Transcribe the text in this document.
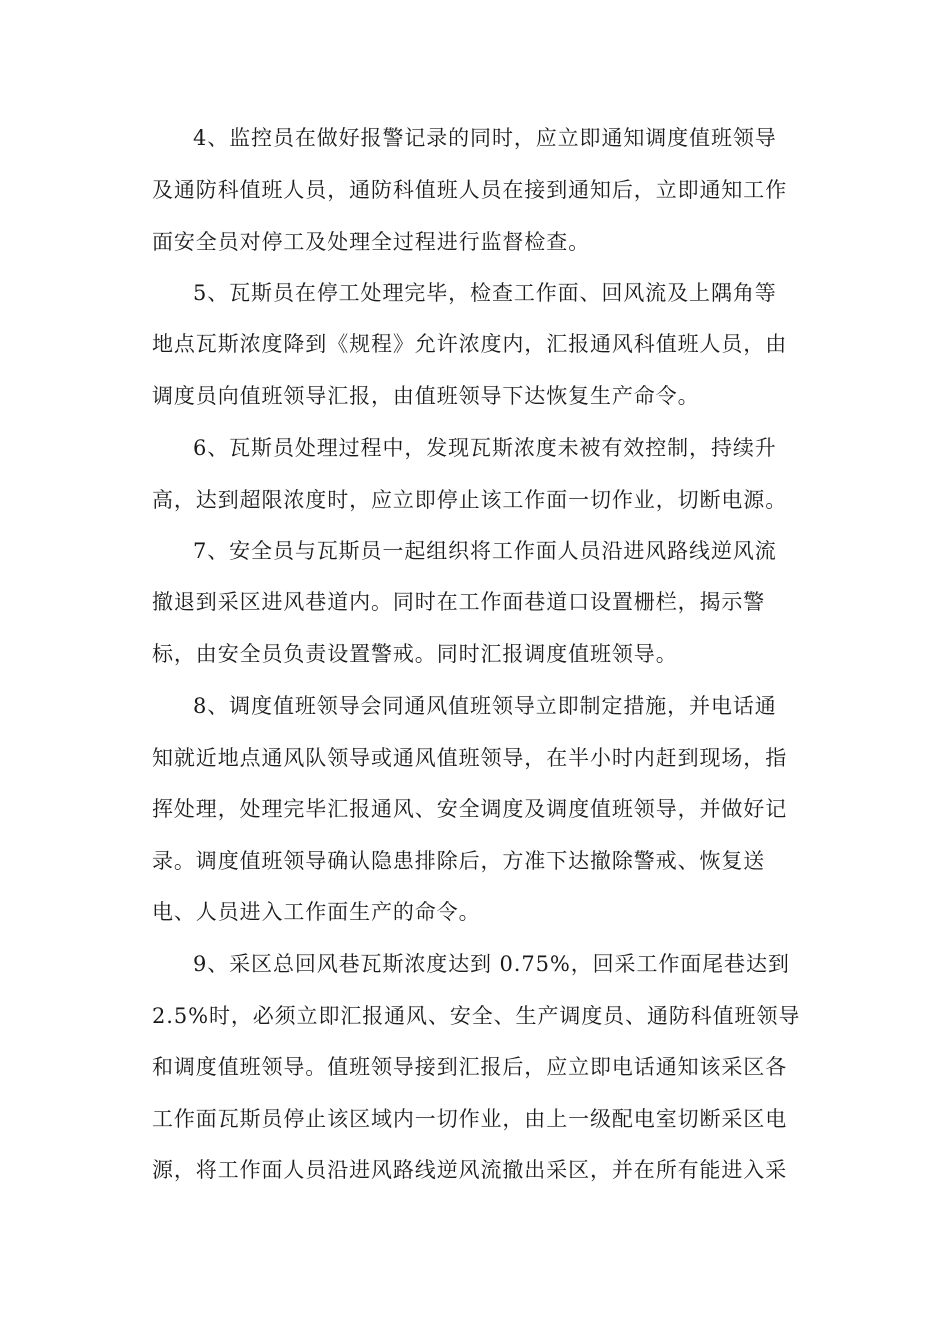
4、监控员在做好报警记录的同时，应立即通知调度值班领导
及通防科值班人员，通防科值班人员在接到通知后，立即通知工作
面安全员对停工及处理全过程进行监督检查。
5、瓦斯员在停工处理完毕，检查工作面、回风流及上隅角等
地点瓦斯浓度降到《规程》允许浓度内，汇报通风科值班人员，由
调度员向值班领导汇报，由值班领导下达恢复生产命令。
6、瓦斯员处理过程中，发现瓦斯浓度未被有效控制，持续升
高，达到超限浓度时，应立即停止该工作面一切作业，切断电源。
7、安全员与瓦斯员一起组织将工作面人员沿进风路线逆风流
撤退到采区进风巷道内。同时在工作面巷道口设置栅栏，揭示警
标，由安全员负责设置警戒。同时汇报调度值班领导。
8、调度值班领导会同通风值班领导立即制定措施，并电话通
知就近地点通风队领导或通风值班领导，在半小时内赶到现场，指
挥处理，处理完毕汇报通风、安全调度及调度值班领导，并做好记
录。调度值班领导确认隐患排除后，方准下达撤除警戒、恢复送
电、人员进入工作面生产的命令。
9、采区总回风巷瓦斯浓度达到 0.75%，回采工作面尾巷达到
2.5%时，必须立即汇报通风、安全、生产调度员、通防科值班领导
和调度值班领导。值班领导接到汇报后，应立即电话通知该采区各
工作面瓦斯员停止该区域内一切作业，由上一级配电室切断采区电
源，将工作面人员沿进风路线逆风流撤出采区，并在所有能进入采
